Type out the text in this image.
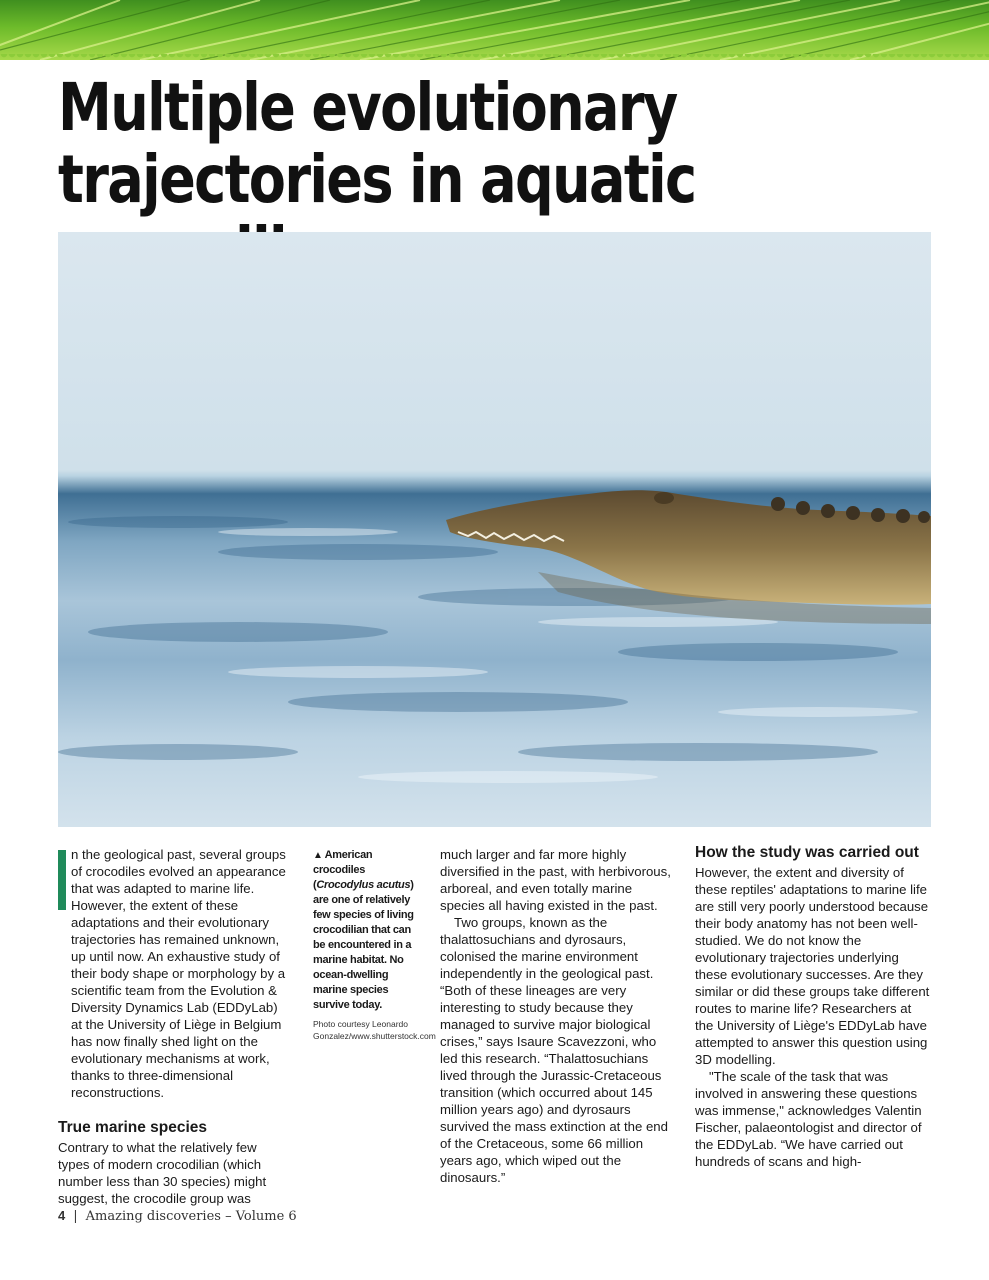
Multiple evolutionary trajectories in aquatic

n the geological past, several groups of crocodiles evolved an appearance that was adapted to marine life. However, the extent of these adaptations and their evolutionary trajectories has remained unknown, up until now. An exhaustive study of their body shape or morphology by a scientific team from the Evolution & Diversity Dynamics Lab (EDDyLab) at the University of Liège in Belgium has now finally shed light on the evolutionary mechanisms at work, thanks to three-dimensional reconstructions.

True marine species

Contrary to what the relatively few types of modern crocodilian (which number less than 30 species) might suggest, the crocodile group was

▲ American crocodiles (Crocodylus acutus) are one of relatively few species of living crocodilian that can be encountered in a marine habitat. No ocean-dwelling marine species survive today.
Photo courtesy Leonardo Gonzalez/www.shutterstock.com

much larger and far more highly diversified in the past, with herbivorous, arboreal, and even totally marine species all having existed in the past.

Two groups, known as the thalattosuchians and dyrosaurs, colonised the marine environment independently in the geological past. “Both of these lineages are very interesting to study because they managed to survive major biological crises,” says Isaure Scavezzoni, who led this research. “Thalattosuchians lived through the Jurassic-Cretaceous transition (which occurred about 145 million years ago) and dyrosaurs survived the mass extinction at the end of the Cretaceous, some 66 million years ago, which wiped out the dinosaurs.”

How the study was carried out

However, the extent and diversity of these reptiles' adaptations to marine life are still very poorly understood because their body anatomy has not been well-studied. We do not know the evolutionary trajectories underlying these evolutionary successes. Are they similar or did these groups take different routes to marine life? Researchers at the University of Liège's EDDyLab have attempted to answer this question using 3D modelling.

"The scale of the task that was involved in answering these questions was immense," acknowledges Valentin Fischer, palaeontologist and director of the EDDyLab. “We have carried out hundreds of scans and high-

4 | Amazing discoveries – Volume 6
